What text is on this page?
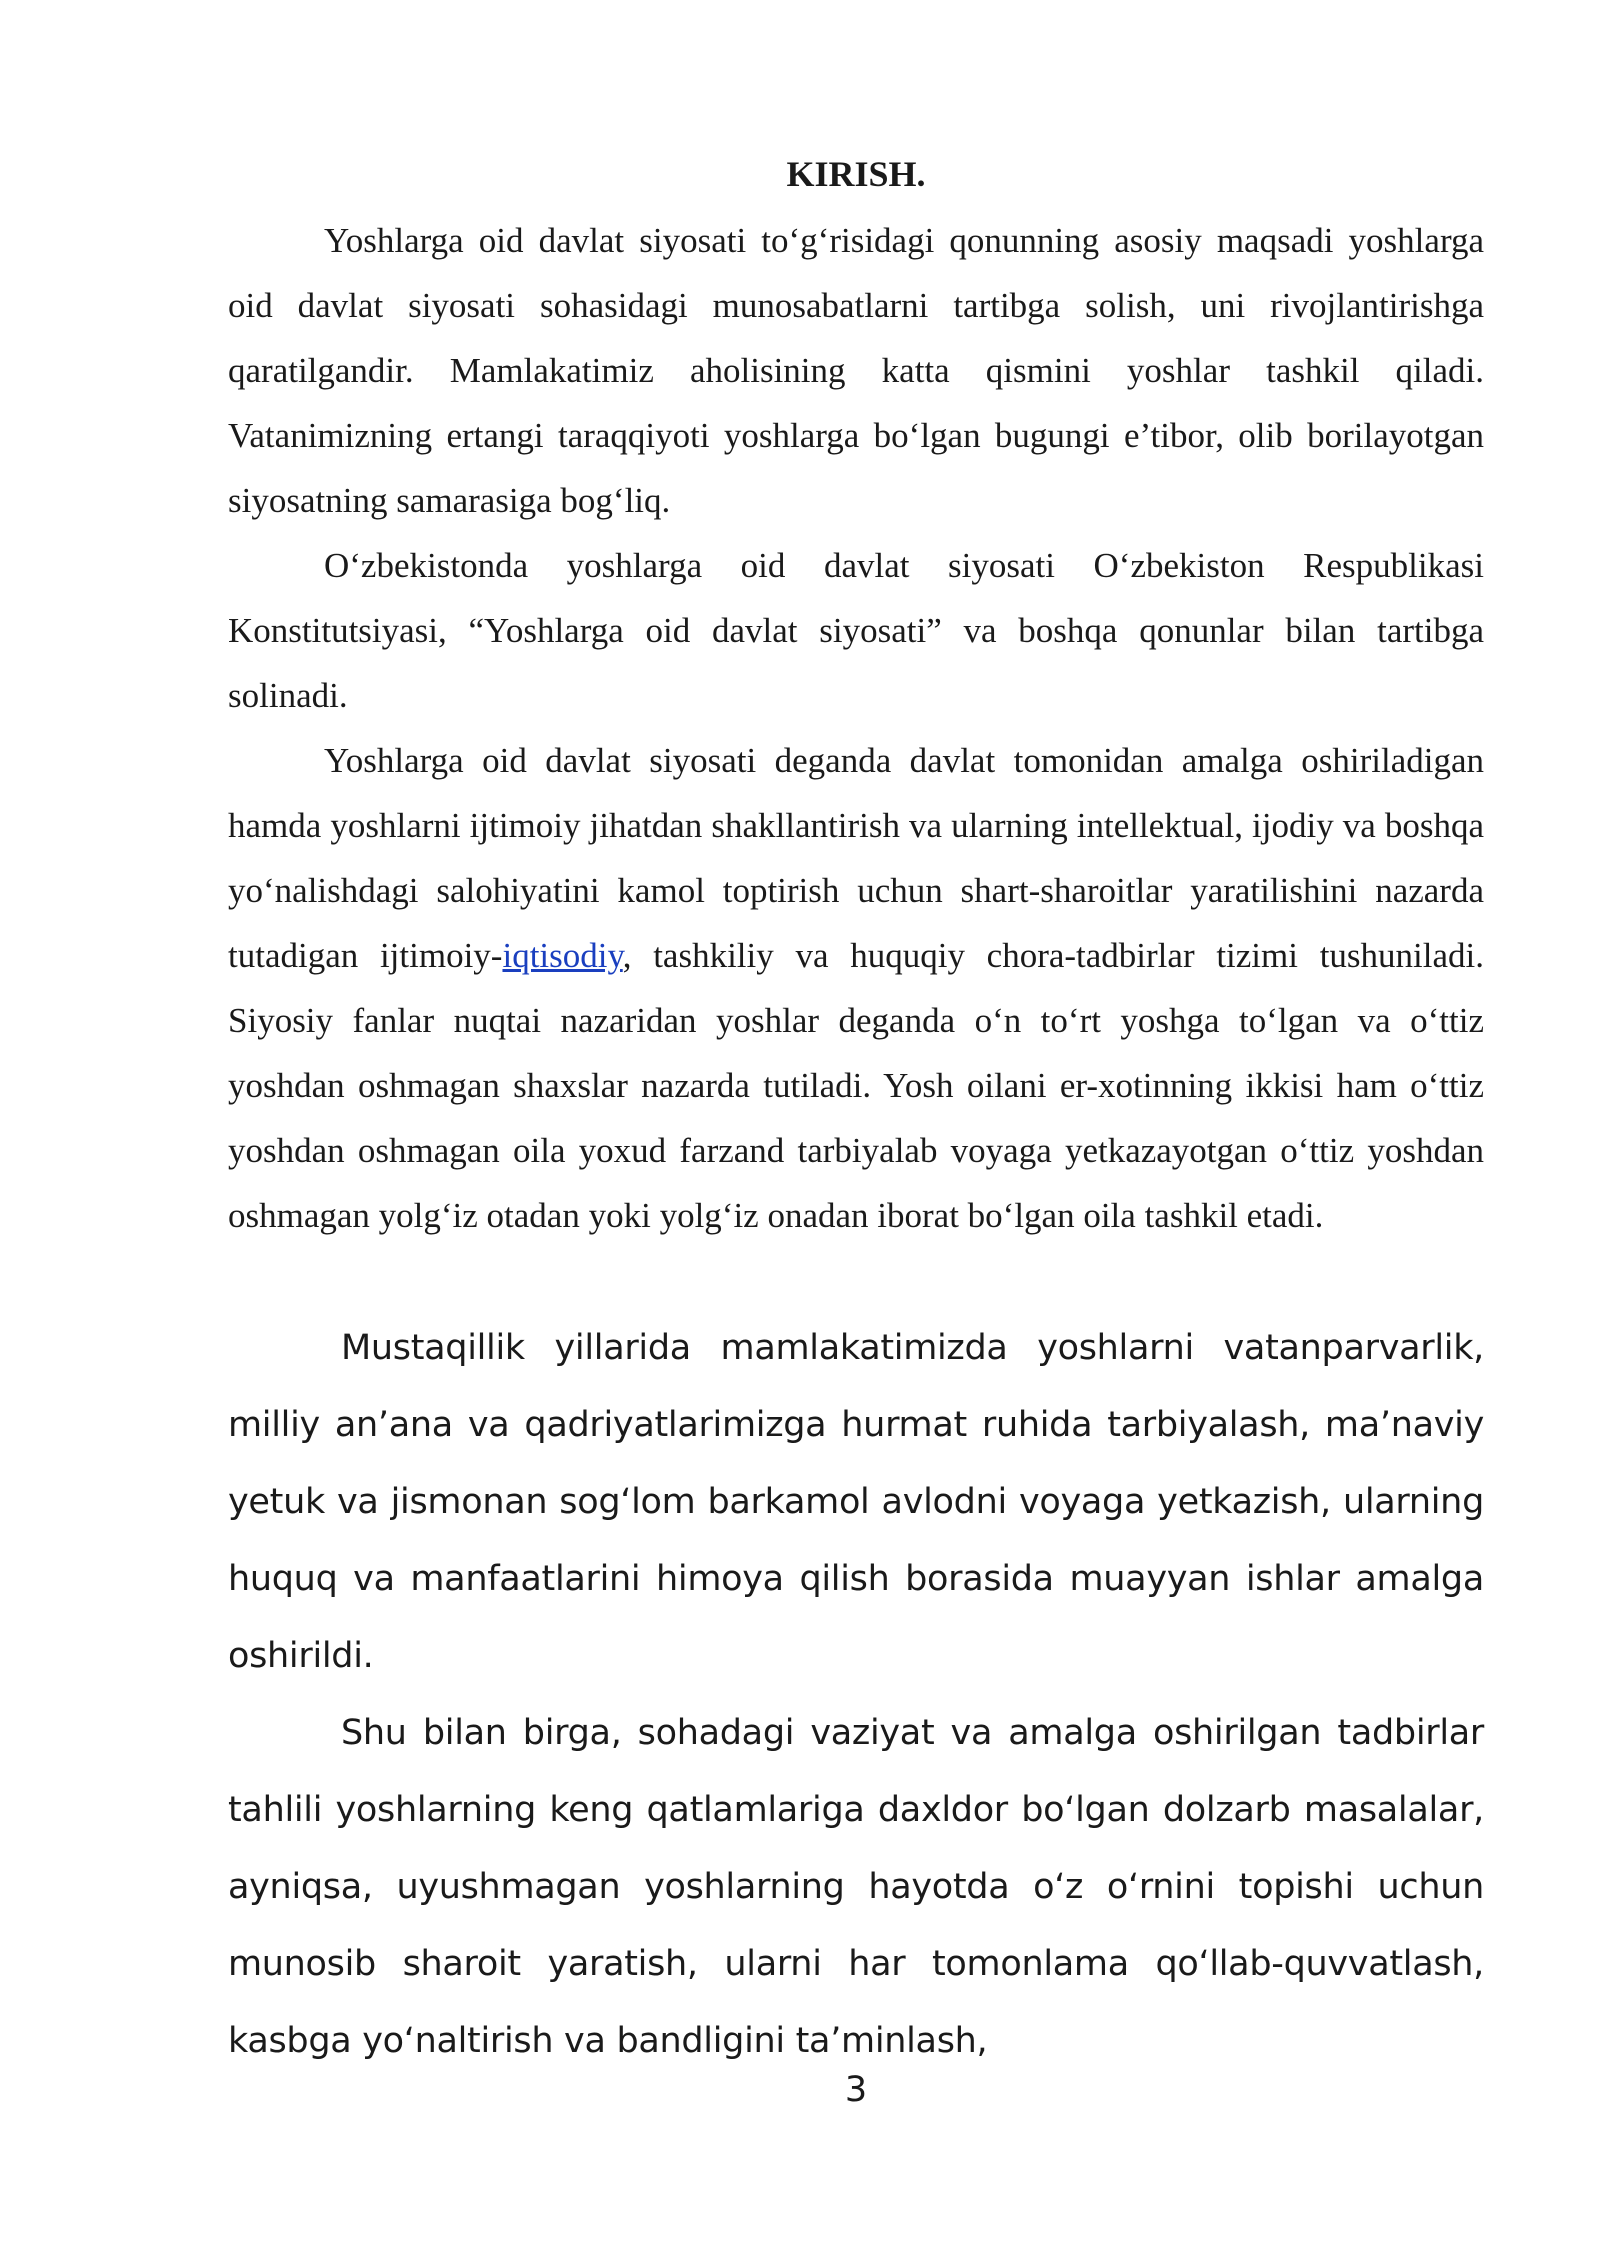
KIRISH.

Yoshlarga oid davlat siyosati to‘g‘risidagi qonunning asosiy maqsadi yoshlarga oid davlat siyosati sohasidagi munosabatlarni tartibga solish, uni rivojlantirishga qaratilgandir. Mamlakatimiz aholisining katta qismini yoshlar tashkil qiladi. Vatanimizning ertangi taraqqiyoti yoshlarga bo‘lgan bugungi e’tibor, olib borilayotgan siyosatning samarasiga bog‘liq.

O‘zbekistonda yoshlarga oid davlat siyosati O‘zbekiston Respublikasi Konstitutsiyasi, “Yoshlarga oid davlat siyosati” va boshqa qonunlar bilan tartibga solinadi.

Yoshlarga oid davlat siyosati deganda davlat tomonidan amalga oshiriladigan hamda yoshlarni ijtimoiy jihatdan shakllantirish va ularning intellektual, ijodiy va boshqa yo‘nalishdagi salohiyatini kamol toptirish uchun shart-sharoitlar yaratilishini nazarda tutadigan ijtimoiy-iqtisodiy, tashkiliy va huquqiy chora-tadbirlar tizimi tushuniladi. Siyosiy fanlar nuqtai nazaridan yoshlar deganda o‘n to‘rt yoshga to‘lgan va o‘ttiz yoshdan oshmagan shaxslar nazarda tutiladi. Yosh oilani er-xotinning ikkisi ham o‘ttiz yoshdan oshmagan oila yoxud farzand tarbiyalab voyaga yetkazayotgan o‘ttiz yoshdan oshmagan yolg‘iz otadan yoki yolg‘iz onadan iborat bo‘lgan oila tashkil etadi.

Mustaqillik yillarida mamlakatimizda yoshlarni vatanparvarlik, milliy an’ana va qadriyatlarimizga hurmat ruhida tarbiyalash, ma’naviy yetuk va jismonan sog‘lom barkamol avlodni voyaga yetkazish, ularning huquq va manfaatlarini himoya qilish borasida muayyan ishlar amalga oshirildi.

Shu bilan birga, sohadagi vaziyat va amalga oshirilgan tadbirlar tahlili yoshlarning keng qatlamlariga daxldor bo‘lgan dolzarb masalalar, ayniqsa, uyushmagan yoshlarning hayotda o‘z o‘rnini topishi uchun munosib sharoit yaratish, ularni har tomonlama qo‘llab-quvvatlash, kasbga yo‘naltirish va bandligini ta’minlash,

3
